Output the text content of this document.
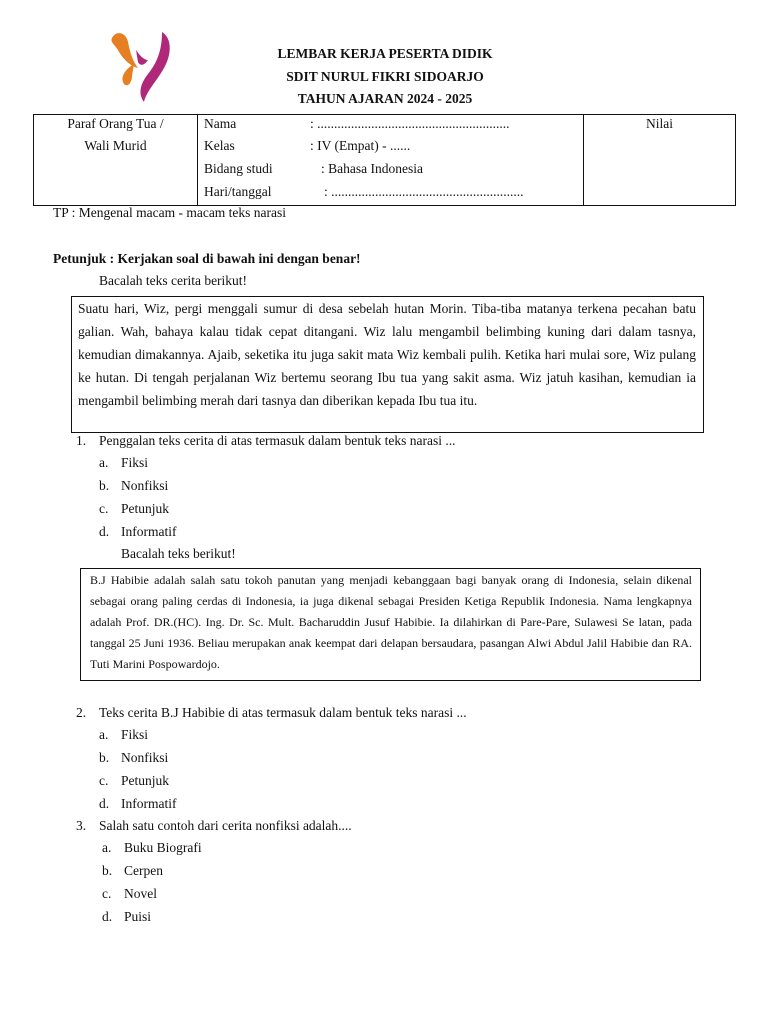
LEMBAR KERJA PESERTA DIDIK
SDIT NURUL FIKRI SIDOARJO
TAHUN AJARAN 2024 - 2025
Paraf Orang Tua /
Wali Murid
Nama	: .........................................................
Kelas	: IV (Empat) - ......
Bidang studi	: Bahasa Indonesia
Hari/tanggal	: .........................................................
Nilai
TP : Mengenal macam - macam teks narasi
Petunjuk : Kerjakan soal di bawah ini dengan benar!
Bacalah teks cerita berikut!
Suatu hari, Wiz, pergi menggali sumur di desa sebelah hutan Morin. Tiba-tiba matanya terkena pecahan batu galian. Wah, bahaya kalau tidak cepat ditangani. Wiz lalu mengambil belimbing kuning dari dalam tasnya, kemudian dimakannya. Ajaib, seketika itu juga sakit mata Wiz kembali pulih. Ketika hari mulai sore, Wiz pulang ke hutan. Di tengah perjalanan Wiz bertemu seorang Ibu tua yang sakit asma. Wiz jatuh kasihan, kemudian ia mengambil belimbing merah dari tasnya dan diberikan kepada Ibu tua itu.
1. Penggalan teks cerita di atas termasuk dalam bentuk teks narasi ...
a. Fiksi
b. Nonfiksi
c. Petunjuk
d. Informatif
Bacalah teks berikut!
B.J Habibie adalah salah satu tokoh panutan yang menjadi kebanggaan bagi banyak orang di Indonesia, selain dikenal sebagai orang paling cerdas di Indonesia, ia juga dikenal sebagai Presiden Ketiga Republik Indonesia. Nama lengkapnya adalah Prof. DR.(HC). Ing. Dr. Sc. Mult. Bacharuddin Jusuf Habibie. Ia dilahirkan di Pare-Pare, Sulawesi Se latan, pada tanggal 25 Juni 1936. Beliau merupakan anak keempat dari delapan bersaudara, pasangan Alwi Abdul Jalil Habibie dan RA. Tuti Marini Pospowardojo.
2. Teks cerita B.J Habibie di atas termasuk dalam bentuk teks narasi ...
a. Fiksi
b. Nonfiksi
c. Petunjuk
d. Informatif
3. Salah satu contoh dari cerita nonfiksi adalah....
a. Buku Biografi
b. Cerpen
c. Novel
d. Puisi
